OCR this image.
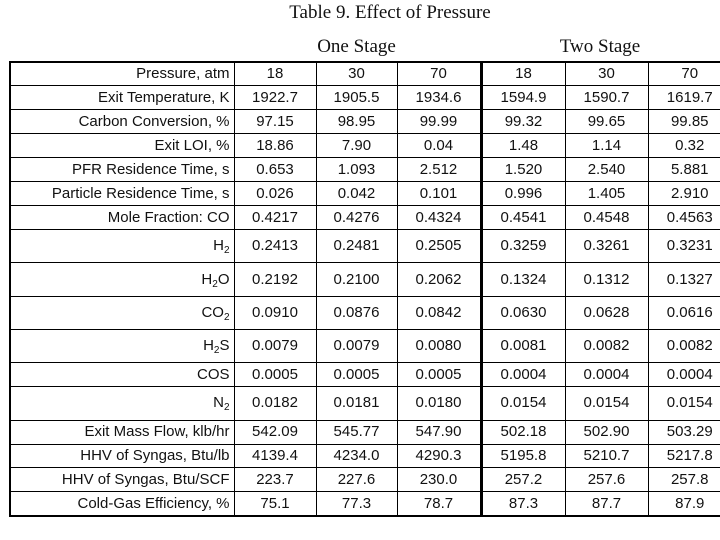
Table 9. Effect of Pressure
One Stage	Two Stage
Pressure, atm	18	30	70	18	30	70
Exit Temperature, K	1922.7	1905.5	1934.6	1594.9	1590.7	1619.7
Carbon Conversion, %	97.15	98.95	99.99	99.32	99.65	99.85
Exit LOI, %	18.86	7.90	0.04	1.48	1.14	0.32
PFR Residence Time, s	0.653	1.093	2.512	1.520	2.540	5.881
Particle Residence Time, s	0.026	0.042	0.101	0.996	1.405	2.910
Mole Fraction: CO	0.4217	0.4276	0.4324	0.4541	0.4548	0.4563
$H_2$	0.2413	0.2481	0.2505	0.3259	0.3261	0.3231
$H_2O$	0.2192	0.2100	0.2062	0.1324	0.1312	0.1327
$CO_2$	0.0910	0.0876	0.0842	0.0630	0.0628	0.0616
$H_2S$	0.0079	0.0079	0.0080	0.0081	0.0082	0.0082
COS	0.0005	0.0005	0.0005	0.0004	0.0004	0.0004
$N_2$	0.0182	0.0181	0.0180	0.0154	0.0154	0.0154
Exit Mass Flow, klb/hr	542.09	545.77	547.90	502.18	502.90	503.29
HHV of Syngas, Btu/lb	4139.4	4234.0	4290.3	5195.8	5210.7	5217.8
HHV of Syngas, Btu/SCF	223.7	227.6	230.0	257.2	257.6	257.8
Cold-Gas Efficiency, %	75.1	77.3	78.7	87.3	87.7	87.9
